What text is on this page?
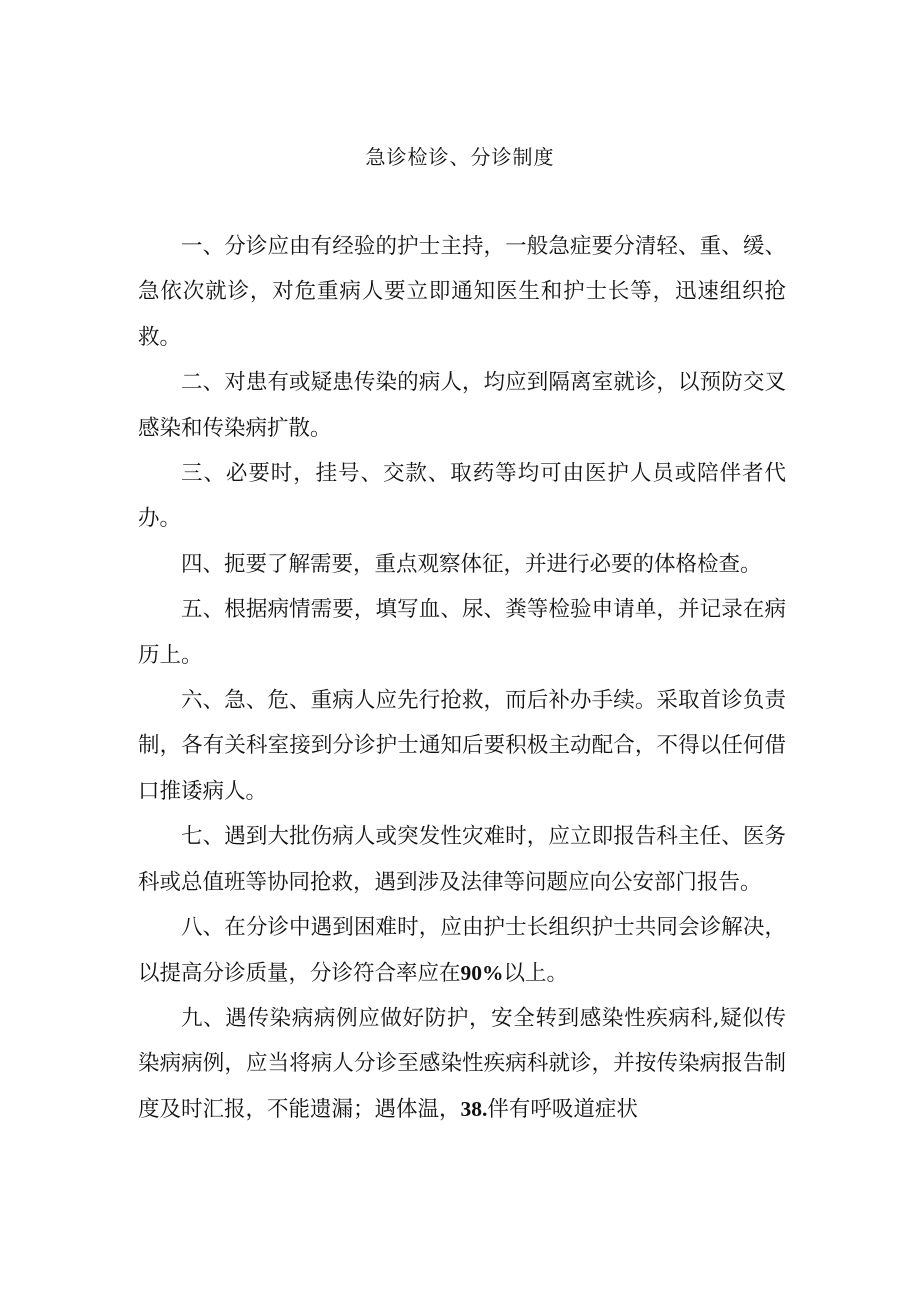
急诊检诊、分诊制度

一、分诊应由有经验的护士主持，一般急症要分清轻、重、缓、急依次就诊，对危重病人要立即通知医生和护士长等，迅速组织抢救。

二、对患有或疑患传染的病人，均应到隔离室就诊，以预防交叉感染和传染病扩散。

三、必要时，挂号、交款、取药等均可由医护人员或陪伴者代办。

四、扼要了解需要，重点观察体征，并进行必要的体格检查。

五、根据病情需要，填写血、尿、粪等检验申请单，并记录在病历上。

六、急、危、重病人应先行抢救，而后补办手续。采取首诊负责制，各有关科室接到分诊护士通知后要积极主动配合，不得以任何借口推诿病人。

七、遇到大批伤病人或突发性灾难时，应立即报告科主任、医务科或总值班等协同抢救，遇到涉及法律等问题应向公安部门报告。

八、在分诊中遇到困难时，应由护士长组织护士共同会诊解决，以提高分诊质量，分诊符合率应在90%以上。

九、遇传染病病例应做好防护，安全转到感染性疾病科,疑似传染病病例，应当将病人分诊至感染性疾病科就诊，并按传染病报告制度及时汇报，不能遗漏；遇体温，38.伴有呼吸道症状
